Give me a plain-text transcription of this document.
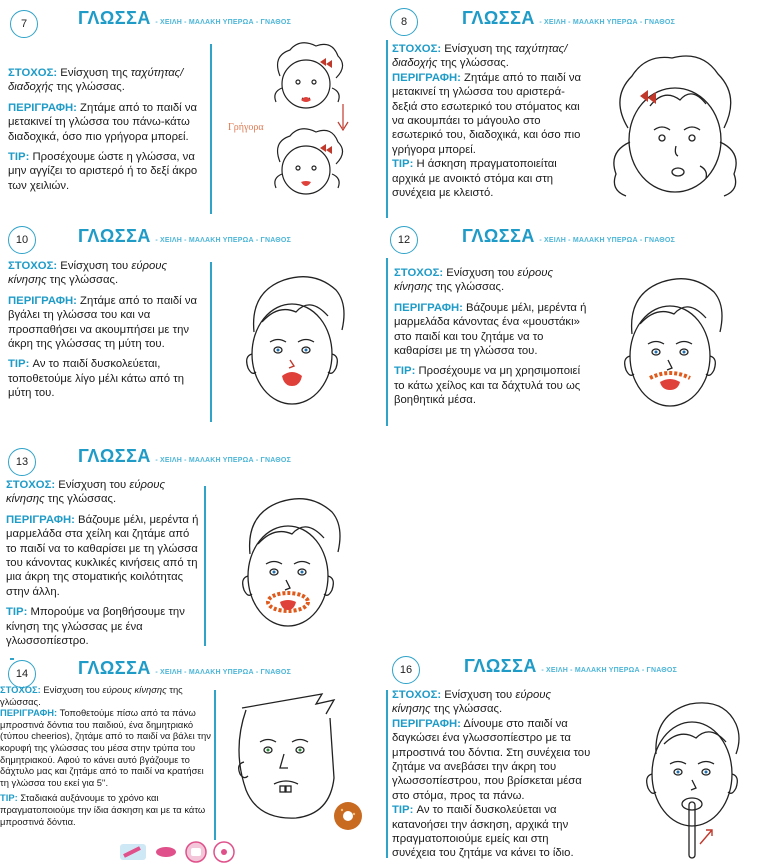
7	ΓΛΩΣΣΑ - ΧΕΙΛΗ - ΜΑΛΑΚΗ ΥΠΕΡΩΑ - ΓΝΑΘΟΣ

ΣΤΟΧΟΣ: Ενίσχυση της ταχύτητας/ διαδοχής της γλώσσας.

ΠΕΡΙΓΡΑΦΗ: Ζητάμε από το παιδί να μετακινεί τη γλώσσα του πάνω-κάτω διαδοχικά, όσο πιο γρήγορα μπορεί.

TIP: Προσέχουμε ώστε η γλώσσα, να μην αγγίζει το αριστερό ή το δεξί άκρο των χειλιών.

Γρήγορα
8	ΓΛΩΣΣΑ - ΧΕΙΛΗ - ΜΑΛΑΚΗ ΥΠΕΡΩΑ - ΓΝΑΘΟΣ

ΣΤΟΧΟΣ: Ενίσχυση της ταχύτητας/ διαδοχής της γλώσσας.

ΠΕΡΙΓΡΑΦΗ: Ζητάμε από το παιδί να μετακινεί τη γλώσσα του αριστερά-δεξιά στο εσωτερικό του στόματος και να ακουμπάει το μάγουλο στο εσωτερικό του, διαδοχικά, και όσο πιο γρήγορα μπορεί.

TIP: Η άσκηση πραγματοποιείται αρχικά με ανοικτό στόμα και στη συνέχεια με κλειστό.

10	ΓΛΩΣΣΑ - ΧΕΙΛΗ - ΜΑΛΑΚΗ ΥΠΕΡΩΑ - ΓΝΑΘΟΣ

ΣΤΟΧΟΣ: Ενίσχυση του εύρους κίνησης της γλώσσας.

ΠΕΡΙΓΡΑΦΗ: Ζητάμε από το παιδί να βγάλει τη γλώσσα του και να προσπαθήσει να ακουμπήσει με την άκρη της γλώσσας τη μύτη του.

TIP: Αν το παιδί δυσκολεύεται, τοποθετούμε λίγο μέλι κάτω από τη μύτη του.

12	ΓΛΩΣΣΑ - ΧΕΙΛΗ - ΜΑΛΑΚΗ ΥΠΕΡΩΑ - ΓΝΑΘΟΣ

ΣΤΟΧΟΣ: Ενίσχυση του εύρους κίνησης της γλώσσας.

ΠΕΡΙΓΡΑΦΗ: Βάζουμε μέλι, μερέντα ή μαρμελάδα κάνοντας ένα «μουστάκι» στο παιδί και του ζητάμε να το καθαρίσει με τη γλώσσα του.

TIP: Προσέχουμε να μη χρησιμοποιεί το κάτω χείλος και τα δάχτυλά του ως βοηθητικά μέσα.

13	ΓΛΩΣΣΑ - ΧΕΙΛΗ - ΜΑΛΑΚΗ ΥΠΕΡΩΑ - ΓΝΑΘΟΣ

ΣΤΟΧΟΣ: Ενίσχυση του εύρους κίνησης της γλώσσας.

ΠΕΡΙΓΡΑΦΗ: Βάζουμε μέλι, μερέντα ή μαρμελάδα στα χείλη και ζητάμε από το παιδί να το καθαρίσει με τη γλώσσα του κάνοντας κυκλικές κινήσεις από τη μια άκρη της στοματικής κοιλότητας στην άλλη.

TIP: Μπορούμε να βοηθήσουμε την κίνηση της γλώσσας με ένα γλωσσοπίεστρο.

14	ΓΛΩΣΣΑ - ΧΕΙΛΗ - ΜΑΛΑΚΗ ΥΠΕΡΩΑ - ΓΝΑΘΟΣ

ΣΤΟΧΟΣ: Ενίσχυση του εύρους κίνησης της γλώσσας.

ΠΕΡΙΓΡΑΦΗ: Τοποθετούμε πίσω από τα πάνω μπροστινά δόντια του παιδιού, ένα δημητριακό (τύπου cheerios), ζητάμε από το παιδί να βάλει την κορυφή της γλώσσας του μέσα στην τρύπα του δημητριακού. Αφού το κάνει αυτό βγάζουμε το δάχτυλο μας και ζητάμε από το παιδί να κρατήσει τη γλώσσα του εκεί για 5''.

TIP: Σταδιακά αυξάνουμε το χρόνο και πραγματοποιούμε την ίδια άσκηση και με τα κάτω μπροστινά δόντια.

16	ΓΛΩΣΣΑ - ΧΕΙΛΗ - ΜΑΛΑΚΗ ΥΠΕΡΩΑ - ΓΝΑΘΟΣ

ΣΤΟΧΟΣ: Ενίσχυση του εύρους κίνησης της γλώσσας.

ΠΕΡΙΓΡΑΦΗ: Δίνουμε στο παιδί να δαγκώσει ένα γλωσσοπίεστρο με τα μπροστινά του δόντια. Στη συνέχεια του ζητάμε να ανεβάσει την άκρη του γλωσσοπίεστρου, που βρίσκεται μέσα στο στόμα, προς τα πάνω.

TIP: Αν το παιδί δυσκολεύεται να κατανοήσει την άσκηση, αρχικά την πραγματοποιούμε εμείς και στη συνέχεια του ζητάμε να κάνει το ίδιο.
